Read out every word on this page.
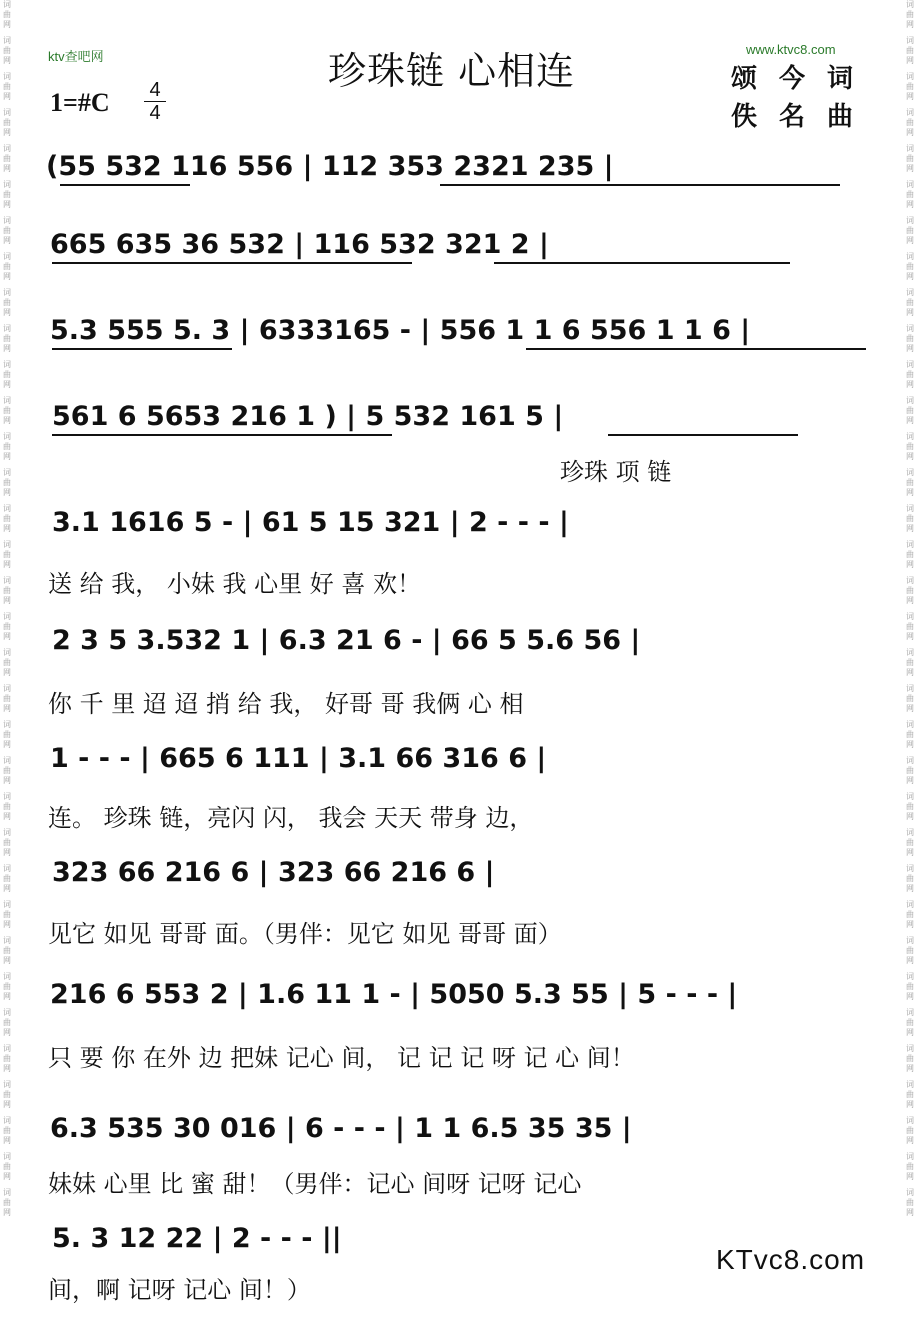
词
曲
网
词
曲
网
词
曲
网
词
曲
网
词
曲
网
词
曲
网
词
曲
网
词
曲
网
词
曲
网
词
曲
网
词
曲
网
词
曲
网
词
曲
网
词
曲
网
词
曲
网
词
曲
网
词
曲
网
词
曲
网
词
曲
网
词
曲
网
词
曲
网
词
曲
网
词
曲
网
词
曲
网
词
曲
网
词
曲
网
词
曲
网
词
曲
网
词
曲
网
词
曲
网
词
曲
网
词
曲
网
词
曲
网
词
曲
网
词
曲
网
词
曲
网
词
曲
网
词
曲
网
词
曲
网
词
曲
网
词
曲
网
词
曲
网
词
曲
网
词
曲
网
词
曲
网
词
曲
网
词
曲
网
词
曲
网
词
曲
网
词
曲
网
词
曲
网
词
曲
网
词
曲
网
词
曲
网
词
曲
网
词
曲
网
词
曲
网
词
曲
网
词
曲
网
词
曲
网
词
曲
网
词
曲
网
词
曲
网
词
曲
网
词
曲
网
词
曲
网
词
曲
网
词
曲
网
ktv查吧网	www.ktvc8.com
珍珠链 心相连
1=#C 4
4
颂今词
佚名曲
(55 532 116 556 | 112 353 2321 235 |
665 635 36 532 | 116 532 321 2 |
5.3 555 5. 3 | 6333165 - | 556 1 1 6 556 1 1 6 |
561 6 5653 216 1 ) | 5 532 161 5 |
珍珠 项 链
3.1 1616 5 - | 61 5 15 321 | 2 - - - |
送 给 我， 小妹 我 心里 好 喜 欢！
2 3 5 3.532 1 | 6.3 21 6 - | 66 5 5.6 56 |
你 千 里 迢 迢 捎 给 我， 好哥 哥 我俩 心 相
1 - - - | 665 6 111 | 3.1 66 316 6 |
连。 珍珠 链，亮闪 闪， 我会 天天 带身 边，
323 66 216 6 | 323 66 216 6 |
见它 如见 哥哥 面。（男伴：见它 如见 哥哥 面）
216 6 553 2 | 1.6 11 1 - | 5050 5.3 55 | 5 - - - |
只 要 你 在外 边 把妹 记心 间， 记 记 记 呀 记 心 间！
6.3 535 30 016 | 6 - - - | 1 1 6.5 35 35 |
妹妹 心里 比 蜜 甜！（男伴：记心 间呀 记呀 记心
5. 3 12 22 | 2 - - - ||
间，啊 记呀 记心 间！）
KTvc8.com
